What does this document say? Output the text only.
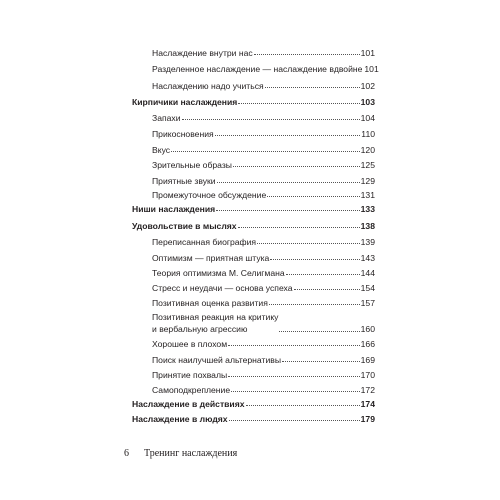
Наслаждение внутри нас	101
Разделенное наслаждение — наслаждение вдвойне 101
Наслаждению надо учиться	102
Кирпичики наслаждения	103
Запахи	104
Прикосновения	110
Вкус	120
Зрительные образы	125
Приятные звуки	129
Промежуточное обсуждение	131
Ниши наслаждения	133
Удовольствие в мыслях	138
Переписанная биография	139
Оптимизм — приятная штука	143
Теория оптимизма М. Селигмана	144
Стресс и неудачи — основа успеха	154
Позитивная оценка развития	157
Позитивная реакция на критику
и вербальную агрессию	160
Хорошее в плохом	166
Поиск наилучшей альтернативы	169
Принятие похвалы	170
Самоподкрепление	172
Наслаждение в действиях	174
Наслаждение в людях	179
6 Тренинг наслаждения
